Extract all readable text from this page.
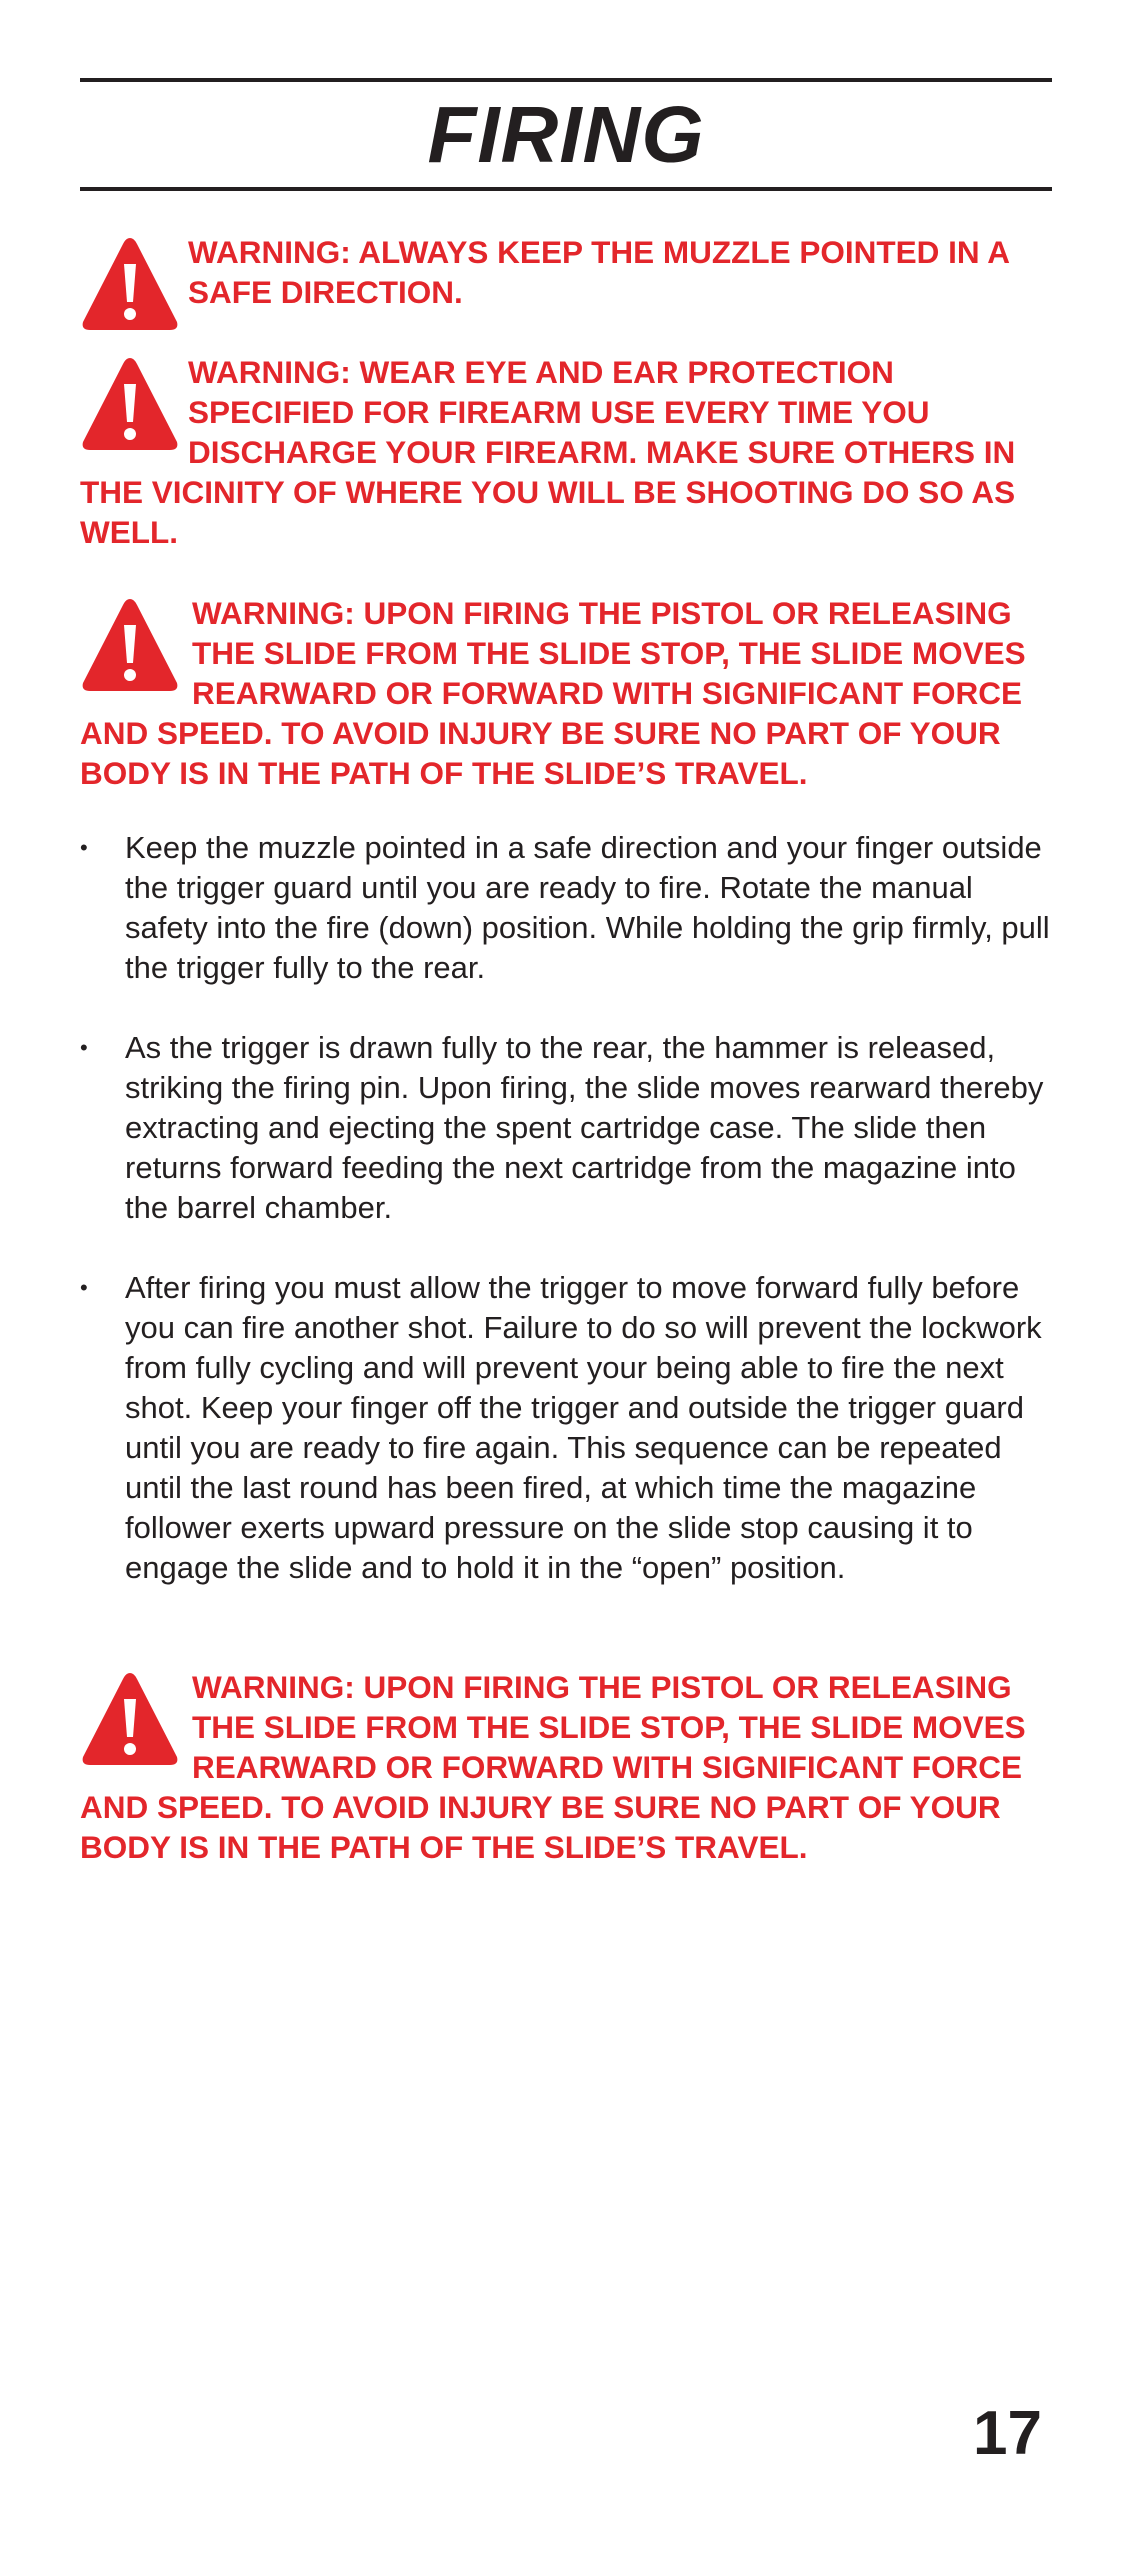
FIRING
WARNING: ALWAYS KEEP THE MUZZLE POINTED IN A SAFE DIRECTION.
WARNING: WEAR EYE AND EAR PROTECTION SPECIFIED FOR FIREARM USE EVERY TIME YOU DISCHARGE YOUR FIREARM. MAKE SURE OTHERS IN THE VICINITY OF WHERE YOU WILL BE SHOOTING DO SO AS WELL.
WARNING: UPON FIRING THE PISTOL OR RELEASING THE SLIDE FROM THE SLIDE STOP, THE SLIDE MOVES REARWARD OR FORWARD WITH SIGNIFICANT FORCE AND SPEED. TO AVOID INJURY BE SURE NO PART OF YOUR BODY IS IN THE PATH OF THE SLIDE’S TRAVEL.
•	Keep the muzzle pointed in a safe direction and your finger outside the trigger guard until you are ready to fire. Rotate the manual safety into the fire (down) position. While holding the grip firmly, pull the trigger fully to the rear.
•	As the trigger is drawn fully to the rear, the hammer is released, striking the firing pin. Upon firing, the slide moves rearward thereby extracting and ejecting the spent cartridge case. The slide then returns forward feeding the next cartridge from the magazine into the barrel chamber.
•	After firing you must allow the trigger to move forward fully before you can fire another shot. Failure to do so will prevent the lockwork from fully cycling and will prevent your being able to fire the next shot. Keep your finger off the trigger and outside the trigger guard until you are ready to fire again. This sequence can be repeated until the last round has been fired, at which time the magazine follower exerts upward pressure on the slide stop causing it to engage the slide and to hold it in the “open” position.
WARNING: UPON FIRING THE PISTOL OR RELEASING THE SLIDE FROM THE SLIDE STOP, THE SLIDE MOVES REARWARD OR FORWARD WITH SIGNIFICANT FORCE AND SPEED. TO AVOID INJURY BE SURE NO PART OF YOUR BODY IS IN THE PATH OF THE SLIDE’S TRAVEL.
17
